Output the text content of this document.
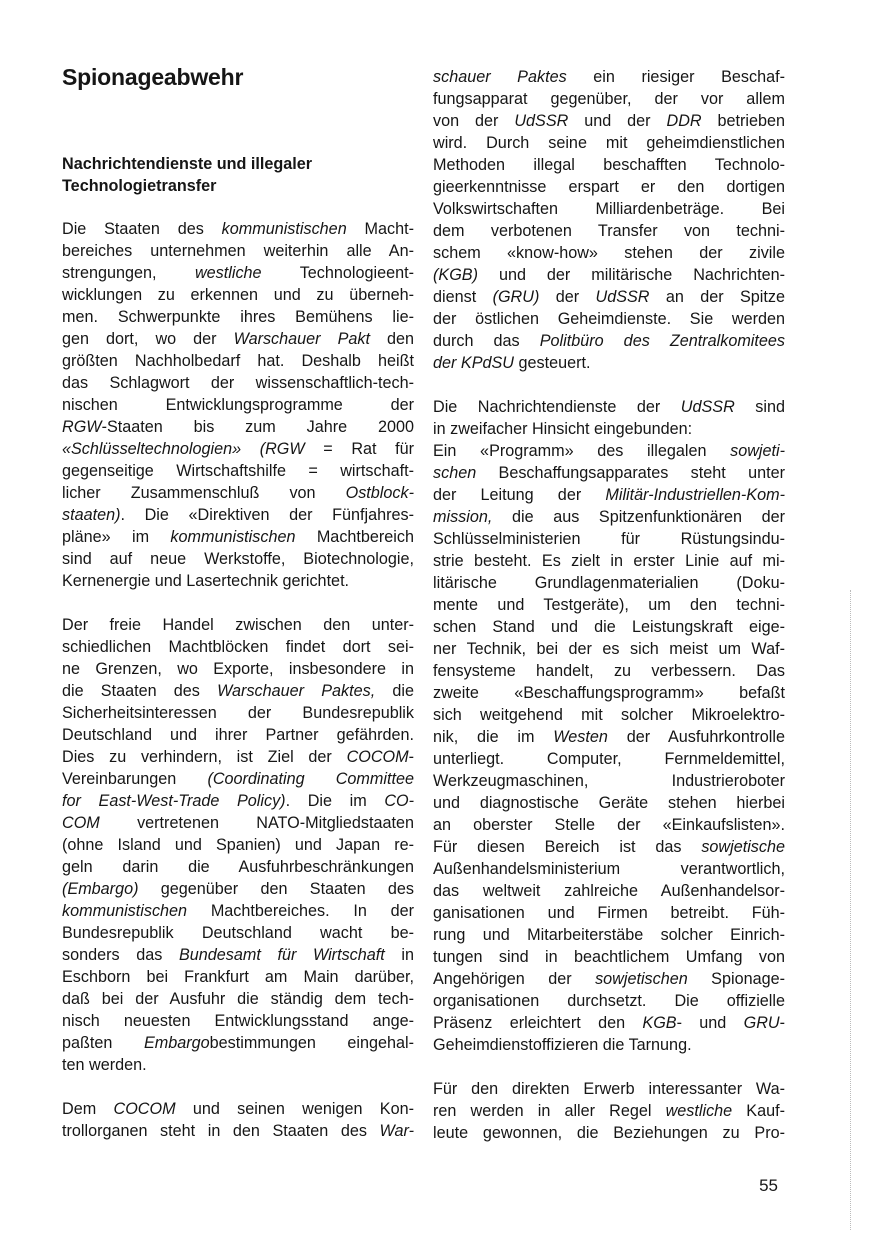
Spionageabwehr
Nachrichtendienste und illegaler
Technologietransfer
Die Staaten des kommunistischen Macht-
bereiches unternehmen weiterhin alle An-
strengungen, westliche Technologieent-
wicklungen zu erkennen und zu überneh-
men. Schwerpunkte ihres Bemühens lie-
gen dort, wo der Warschauer Pakt den
größten Nachholbedarf hat. Deshalb heißt
das Schlagwort der wissenschaftlich-tech-
nischen Entwicklungsprogramme der
RGW-Staaten bis zum Jahre 2000
«Schlüsseltechnologien» (RGW = Rat für
gegenseitige Wirtschaftshilfe = wirtschaft-
licher Zusammenschluß von Ostblock-
staaten). Die «Direktiven der Fünfjahres-
pläne» im kommunistischen Machtbereich
sind auf neue Werkstoffe, Biotechnologie,
Kernenergie und Lasertechnik gerichtet.
Der freie Handel zwischen den unter-
schiedlichen Machtblöcken findet dort sei-
ne Grenzen, wo Exporte, insbesondere in
die Staaten des Warschauer Paktes, die
Sicherheitsinteressen der Bundesrepublik
Deutschland und ihrer Partner gefährden.
Dies zu verhindern, ist Ziel der COCOM-
Vereinbarungen (Coordinating Committee
for East-West-Trade Policy). Die im CO-
COM vertretenen NATO-Mitgliedstaaten
(ohne Island und Spanien) und Japan re-
geln darin die Ausfuhrbeschränkungen
(Embargo) gegenüber den Staaten des
kommunistischen Machtbereiches. In der
Bundesrepublik Deutschland wacht be-
sonders das Bundesamt für Wirtschaft in
Eschborn bei Frankfurt am Main darüber,
daß bei der Ausfuhr die ständig dem tech-
nisch neuesten Entwicklungsstand ange-
paßten Embargobestimmungen eingehal-
ten werden.
Dem COCOM und seinen wenigen Kon-
trollorganen steht in den Staaten des War-
schauer Paktes ein riesiger Beschaf-
fungsapparat gegenüber, der vor allem
von der UdSSR und der DDR betrieben
wird. Durch seine mit geheimdienstlichen
Methoden illegal beschafften Technolo-
gieerkenntnisse erspart er den dortigen
Volkswirtschaften Milliardenbeträge. Bei
dem verbotenen Transfer von techni-
schem «know-how» stehen der zivile
(KGB) und der militärische Nachrichten-
dienst (GRU) der UdSSR an der Spitze
der östlichen Geheimdienste. Sie werden
durch das Politbüro des Zentralkomitees
der KPdSU gesteuert.
Die Nachrichtendienste der UdSSR sind
in zweifacher Hinsicht eingebunden:
Ein «Programm» des illegalen sowjeti-
schen Beschaffungsapparates steht unter
der Leitung der Militär-Industriellen-Kom-
mission, die aus Spitzenfunktionären der
Schlüsselministerien für Rüstungsindu-
strie besteht. Es zielt in erster Linie auf mi-
litärische Grundlagenmaterialien (Doku-
mente und Testgeräte), um den techni-
schen Stand und die Leistungskraft eige-
ner Technik, bei der es sich meist um Waf-
fensysteme handelt, zu verbessern. Das
zweite «Beschaffungsprogramm» befaßt
sich weitgehend mit solcher Mikroelektro-
nik, die im Westen der Ausfuhrkontrolle
unterliegt. Computer, Fernmeldemittel,
Werkzeugmaschinen, Industrieroboter
und diagnostische Geräte stehen hierbei
an oberster Stelle der «Einkaufslisten».
Für diesen Bereich ist das sowjetische
Außenhandelsministerium verantwortlich,
das weltweit zahlreiche Außenhandelsor-
ganisationen und Firmen betreibt. Füh-
rung und Mitarbeiterstäbe solcher Einrich-
tungen sind in beachtlichem Umfang von
Angehörigen der sowjetischen Spionage-
organisationen durchsetzt. Die offizielle
Präsenz erleichtert den KGB- und GRU-
Geheimdienstoffizieren die Tarnung.
Für den direkten Erwerb interessanter Wa-
ren werden in aller Regel westliche Kauf-
leute gewonnen, die Beziehungen zu Pro-
55
